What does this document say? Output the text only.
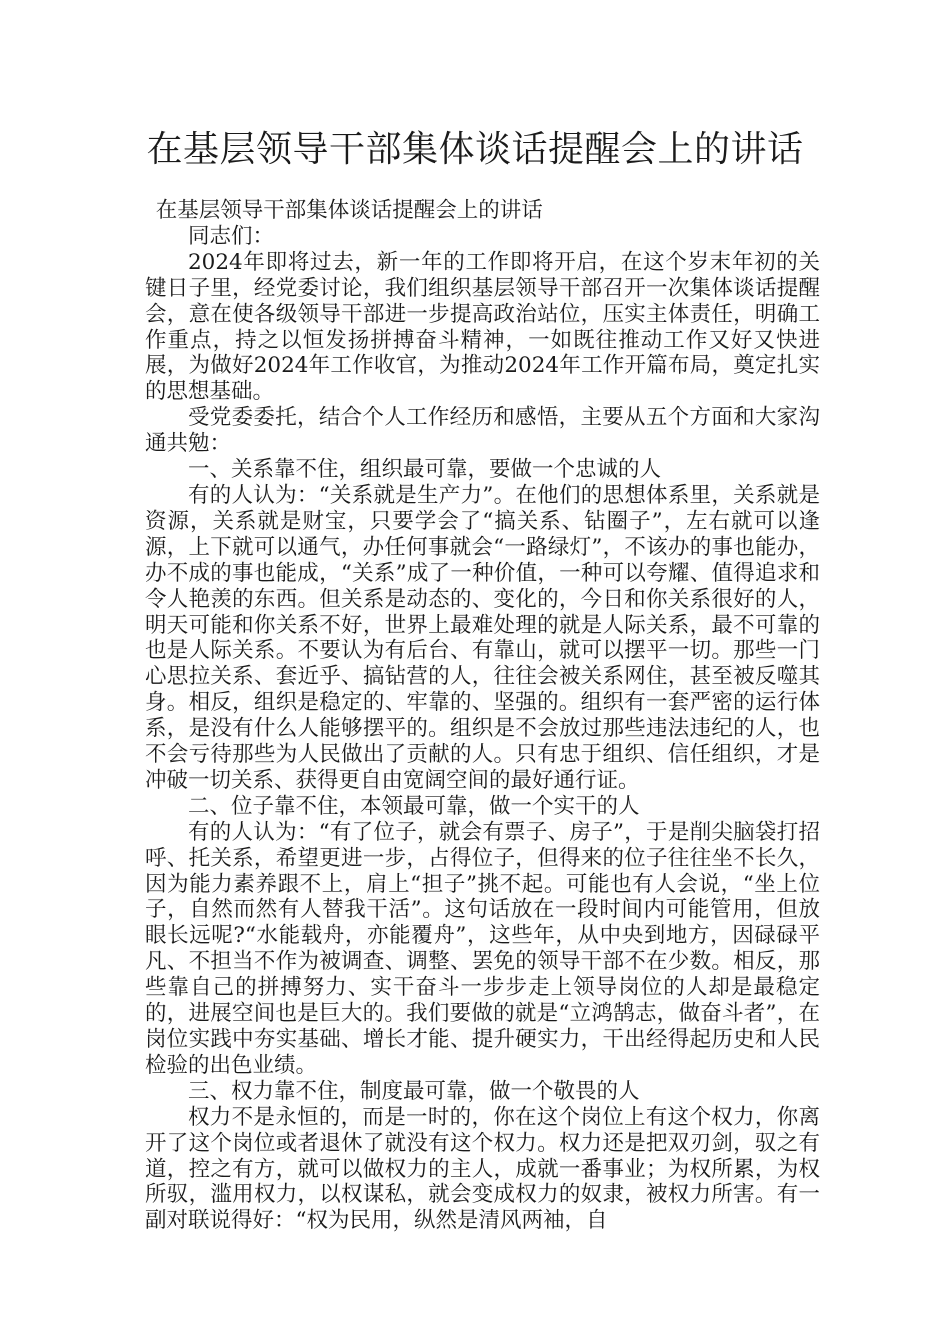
在基层领导干部集体谈话提醒会上的讲话

在基层领导干部集体谈话提醒会上的讲话

同志们：

2024年即将过去，新一年的工作即将开启，在这个岁末年初的关键日子里，经党委讨论，我们组织基层领导干部召开一次集体谈话提醒会，意在使各级领导干部进一步提高政治站位，压实主体责任，明确工作重点，持之以恒发扬拼搏奋斗精神，一如既往推动工作又好又快进展，为做好2024年工作收官，为推动2024年工作开篇布局，奠定扎实的思想基础。

受党委委托，结合个人工作经历和感悟，主要从五个方面和大家沟通共勉：

一、关系靠不住，组织最可靠，要做一个忠诚的人

有的人认为：“关系就是生产力”。在他们的思想体系里，关系就是资源，关系就是财宝，只要学会了“搞关系、钻圈子”，左右就可以逢源，上下就可以通气，办任何事就会“一路绿灯”，不该办的事也能办，办不成的事也能成，“关系”成了一种价值，一种可以夸耀、值得追求和令人艳羡的东西。但关系是动态的、变化的，今日和你关系很好的人，明天可能和你关系不好，世界上最难处理的就是人际关系，最不可靠的也是人际关系。不要认为有后台、有靠山，就可以摆平一切。那些一门心思拉关系、套近乎、搞钻营的人，往往会被关系网住，甚至被反噬其身。相反，组织是稳定的、牢靠的、坚强的。组织有一套严密的运行体系，是没有什么人能够摆平的。组织是不会放过那些违法违纪的人，也不会亏待那些为人民做出了贡献的人。只有忠于组织、信任组织，才是冲破一切关系、获得更自由宽阔空间的最好通行证。

二、位子靠不住，本领最可靠，做一个实干的人

有的人认为：“有了位子，就会有票子、房子”，于是削尖脑袋打招呼、托关系，希望更进一步，占得位子，但得来的位子往往坐不长久，因为能力素养跟不上，肩上“担子”挑不起。可能也有人会说，“坐上位子，自然而然有人替我干活”。这句话放在一段时间内可能管用，但放眼长远呢?“水能载舟，亦能覆舟”，这些年，从中央到地方，因碌碌平凡、不担当不作为被调查、调整、罢免的领导干部不在少数。相反，那些靠自己的拼搏努力、实干奋斗一步步走上领导岗位的人却是最稳定的，进展空间也是巨大的。我们要做的就是“立鸿鹄志，做奋斗者”，在岗位实践中夯实基础、增长才能、提升硬实力，干出经得起历史和人民检验的出色业绩。

三、权力靠不住，制度最可靠，做一个敬畏的人

权力不是永恒的，而是一时的，你在这个岗位上有这个权力，你离开了这个岗位或者退休了就没有这个权力。权力还是把双刃剑，驭之有道，控之有方，就可以做权力的主人，成就一番事业；为权所累，为权所驭，滥用权力，以权谋私，就会变成权力的奴隶，被权力所害。有一副对联说得好：“权为民用，纵然是清风两袖，自
